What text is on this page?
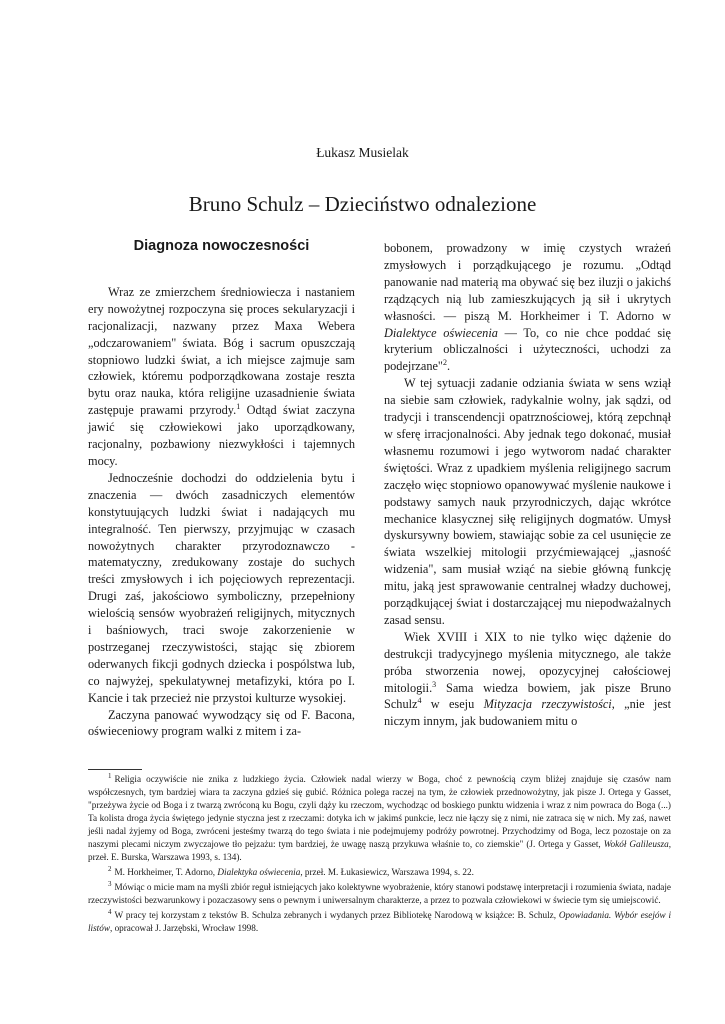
Łukasz Musielak
Bruno Schulz – Dzieciństwo odnalezione
Diagnoza nowoczesności

Wraz ze zmierzchem średniowiecza i nastaniem ery nowożytnej rozpoczyna się proces sekularyzacji i racjonalizacji, nazwany przez Maxa Webera „odczarowaniem" świata. Bóg i sacrum opuszczają stopniowo ludzki świat, a ich miejsce zajmuje sam człowiek, któremu podporządkowana zostaje reszta bytu oraz nauka, która religijne uzasadnienie świata zastępuje prawami przyrody.$^1$ Odtąd świat zaczyna jawić się człowiekowi jako uporządkowany, racjonalny, pozbawiony niezwykłości i tajemnych mocy.

Jednocześnie dochodzi do oddzielenia bytu i znaczenia — dwóch zasadniczych elementów konstytuujących ludzki świat i nadających mu integralność. Ten pierwszy, przyjmując w czasach nowożytnych charakter przyrodoznawczo - matematyczny, zredukowany zostaje do suchych treści zmysłowych i ich pojęciowych reprezentacji. Drugi zaś, jakościowo symboliczny, przepełniony wielością sensów wyobrażeń religijnych, mitycznych i baśniowych, traci swoje zakorzenienie w postrzeganej rzeczywistości, stając się zbiorem oderwanych fikcji godnych dziecka i pospólstwa lub, co najwyżej, spekulatywnej metafizyki, która po I. Kancie i tak przecież nie przystoi kulturze wysokiej.

Zaczyna panować wywodzący się od F. Bacona, oświeceniowy program walki z mitem i za-

bobonem, prowadzony w imię czystych wrażeń zmysłowych i porządkującego je rozumu. „Odtąd panowanie nad materią ma obywać się bez iluzji o jakichś rządzących nią lub zamieszkujących ją sił i ukrytych własności. — piszą M. Horkheimer i T. Adorno w Dialektyce oświecenia — To, co nie chce poddać się kryterium obliczalności i użyteczności, uchodzi za podejrzane"$^2$.

W tej sytuacji zadanie odziania świata w sens wziął na siebie sam człowiek, radykalnie wolny, jak sądzi, od tradycji i transcendencji opatrznościowej, którą zepchnął w sferę irracjonalności. Aby jednak tego dokonać, musiał własnemu rozumowi i jego wytworom nadać charakter świętości. Wraz z upadkiem myślenia religijnego sacrum zaczęło więc stopniowo opanowywać myślenie naukowe i podstawy samych nauk przyrodniczych, dając wkrótce mechanice klasycznej siłę religijnych dogmatów. Umysł dyskursywny bowiem, stawiając sobie za cel usunięcie ze świata wszelkiej mitologii przyćmiewającej „jasność widzenia", sam musiał wziąć na siebie główną funkcję mitu, jaką jest sprawowanie centralnej władzy duchowej, porządkującej świat i dostarczającej mu niepodważalnych zasad sensu.

Wiek XVIII i XIX to nie tylko więc dążenie do destrukcji tradycyjnego myślenia mitycznego, ale także próba stworzenia nowej, opozycyjnej całościowej mitologii.$^3$ Sama wiedza bowiem, jak pisze Bruno Schulz$^4$ w eseju Mityzacja rzeczywistości, „nie jest niczym innym, jak budowaniem mitu o

$^1$ Religia oczywiście nie znika z ludzkiego życia. Człowiek nadal wierzy w Boga, choć z pewnością czym bliżej znajduje się czasów nam współczesnych, tym bardziej wiara ta zaczyna gdzieś się gubić. Różnica polega raczej na tym, że człowiek przednowożytny, jak pisze J. Ortega y Gasset, "przeżywa życie od Boga i z twarzą zwróconą ku Bogu, czyli dąży ku rzeczom, wychodząc od boskiego punktu widzenia i wraz z nim powraca do Boga (...) Ta kolista droga życia świętego jedynie styczna jest z rzeczami: dotyka ich w jakimś punkcie, lecz nie łączy się z nimi, nie zatraca się w nich. My zaś, nawet jeśli nadal żyjemy od Boga, zwróceni jesteśmy twarzą do tego świata i nie podejmujemy podróży powrotnej. Przychodzimy od Boga, lecz pozostaje on za naszymi plecami niczym zwyczajowe tło pejzażu: tym bardziej, że uwagę naszą przykuwa właśnie to, co ziemskie" (J. Ortega y Gasset, Wokół Galileusza, przeł. E. Burska, Warszawa 1993, s. 134).

$^2$ M. Horkheimer, T. Adorno, Dialektyka oświecenia, przeł. M. Łukasiewicz, Warszawa 1994, s. 22.

$^3$ Mówiąc o micie mam na myśli zbiór reguł istniejących jako kolektywne wyobrażenie, który stanowi podstawę interpretacji i rozumienia świata, nadaje rzeczywistości bezwarunkowy i pozaczasowy sens o pewnym i uniwersalnym charakterze, a przez to pozwala człowiekowi w świecie tym się umiejscowić.

$^4$ W pracy tej korzystam z tekstów B. Schulza zebranych i wydanych przez Bibliotekę Narodową w książce: B. Schulz, Opowiadania. Wybór esejów i listów, opracował J. Jarzębski, Wrocław 1998.
